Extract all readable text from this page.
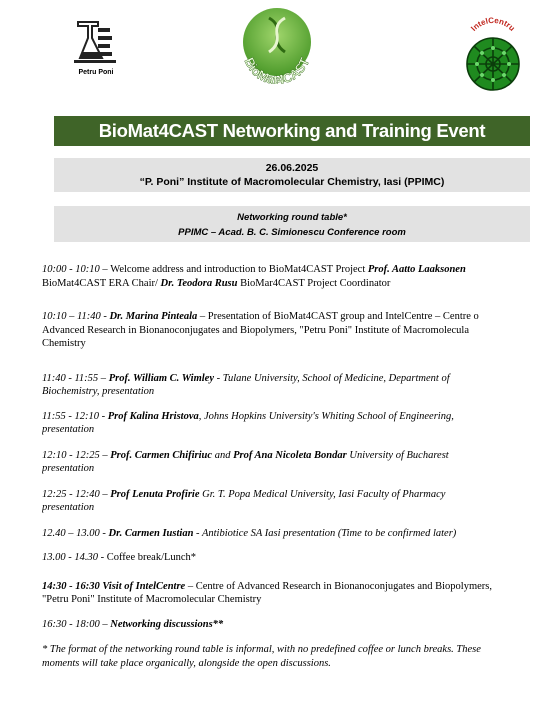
Petru Poni
BioMat4CAST
IntelCentru
BioMat4CAST Networking and Training Event
26.06.2025
“P. Poni” Institute of Macromolecular Chemistry, Iasi (PPIMC)
Networking round table*
PPIMC – Acad. B. C. Simionescu Conference room
10:00 - 10:10 – Welcome address and introduction to BioMat4CAST Project Prof. Aatto Laaksonen
BioMat4CAST ERA Chair/ Dr. Teodora Rusu BioMar4CAST Project Coordinator
10:10 – 11:40 - Dr. Marina Pinteala – Presentation of BioMat4CAST group and IntelCentre – Centre o
Advanced Research in Bionanoconjugates and Biopolymers, "Petru Poni" Institute of Macromolecula
Chemistry
11:40 - 11:55 – Prof. William C. Wimley - Tulane University, School of Medicine, Department of
Biochemistry, presentation
11:55 - 12:10 - Prof Kalina Hristova, Johns Hopkins University's Whiting School of Engineering,
presentation
12:10 - 12:25 – Prof. Carmen Chifiriuc and Prof Ana Nicoleta Bondar University of Bucharest
presentation
12:25 - 12:40 – Prof Lenuta Profirie Gr. T. Popa Medical University, Iasi Faculty of Pharmacy
presentation
12.40 – 13.00 - Dr. Carmen Iustian - Antibiotice SA Iasi presentation (Time to be confirmed later)
13.00 - 14.30 - Coffee break/Lunch*
14:30 - 16:30 Visit of IntelCentre – Centre of Advanced Research in Bionanoconjugates and Biopolymers,
"Petru Poni" Institute of Macromolecular Chemistry
16:30 - 18:00 – Networking discussions**
* The format of the networking round table is informal, with no predefined coffee or lunch breaks. These
moments will take place organically, alongside the open discussions.
